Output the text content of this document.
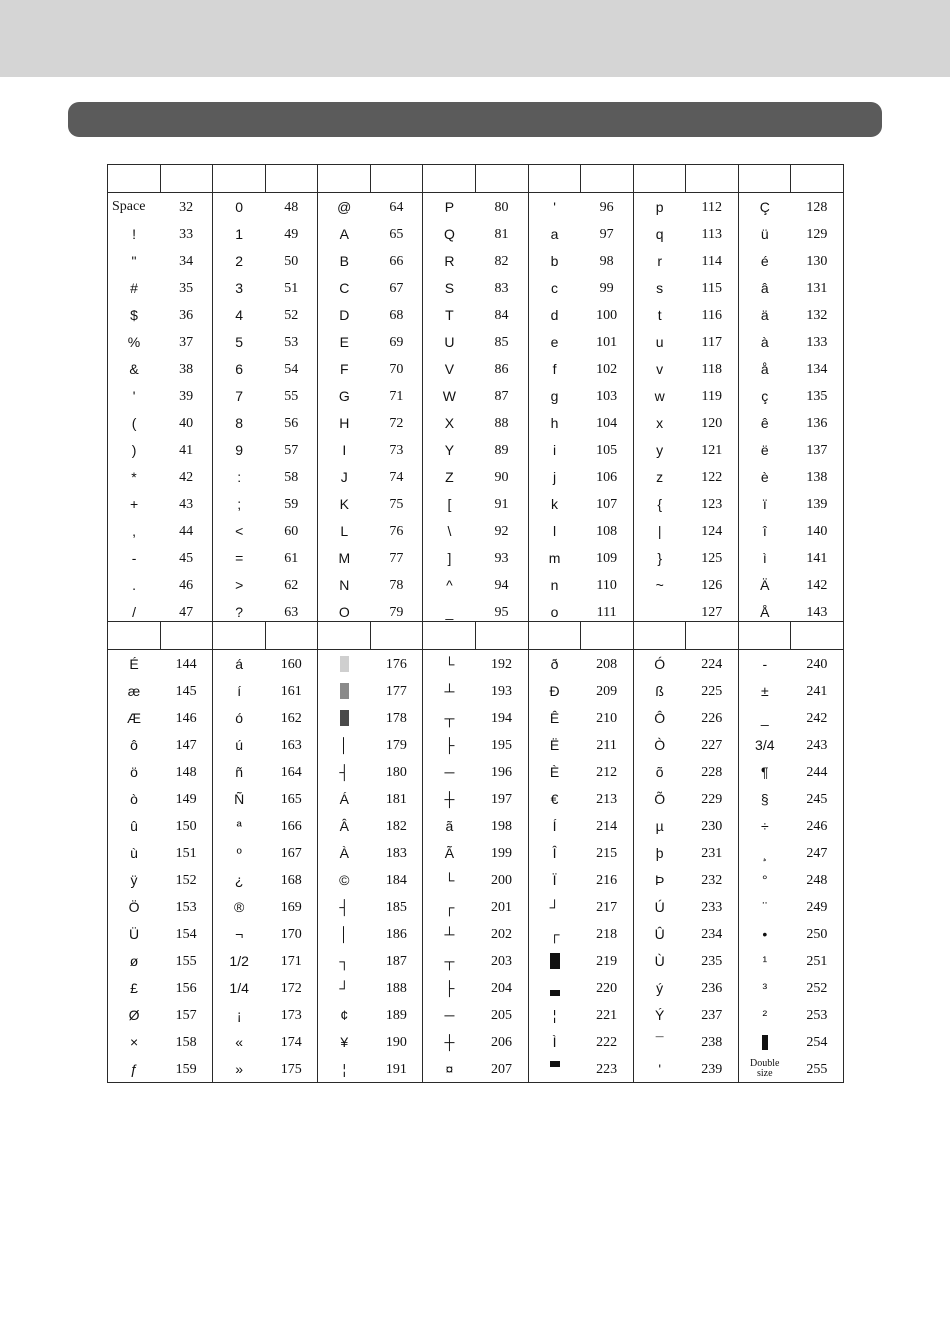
Space	32	0	48	@	64	P	80	'	96	p	112	Ç	128
!	33	1	49	A	65	Q	81	a	97	q	113	ü	129
"	34	2	50	B	66	R	82	b	98	r	114	é	130
#	35	3	51	C	67	S	83	c	99	s	115	â	131
$	36	4	52	D	68	T	84	d	100	t	116	ä	132
%	37	5	53	E	69	U	85	e	101	u	117	à	133
&	38	6	54	F	70	V	86	f	102	v	118	å	134
'	39	7	55	G	71	W	87	g	103	w	119	ç	135
(	40	8	56	H	72	X	88	h	104	x	120	ê	136
)	41	9	57	I	73	Y	89	i	105	y	121	ë	137
*	42	:	58	J	74	Z	90	j	106	z	122	è	138
+	43	;	59	K	75	[	91	k	107	{	123	ï	139
,	44	<	60	L	76	\	92	l	108	|	124	î	140
-	45	=	61	M	77	]	93	m	109	}	125	ì	141
.	46	>	62	N	78	^	94	n	110	~	126	Ä	142
/	47	?	63	O	79	_	95	o	111		127	Å	143

É	144	á	160		176	└	192	ð	208	Ó	224	-	240
æ	145	í	161		177	┴	193	Đ	209	ß	225	±	241
Æ	146	ó	162		178	┬	194	Ê	210	Ô	226	_	242
ô	147	ú	163	│	179	├	195	Ë	211	Ò	227	3/4	243
ö	148	ñ	164	┤	180	─	196	È	212	õ	228	¶	244
ò	149	Ñ	165	Á	181	┼	197	€	213	Õ	229	§	245
û	150	ª	166	Â	182	ã	198	Í	214	µ	230	÷	246
ù	151	º	167	À	183	Ã	199	Î	215	þ	231	¸	247
ÿ	152	¿	168	©	184	└	200	Ï	216	Þ	232	°	248
Ö	153	®	169	┤	185	┌	201	┘	217	Ú	233	¨	249
Ü	154	¬	170	│	186	┴	202	┌	218	Û	234	•	250
ø	155	1/2	171	┐	187	┬	203		219	Ù	235	¹	251
£	156	1/4	172	┘	188	├	204		220	ý	236	³	252
Ø	157	¡	173	¢	189	─	205	¦	221	Ý	237	²	253
×	158	«	174	¥	190	┼	206	Ì	222	¯	238		254
ƒ	159	»	175	¦	191	¤	207		223	'	239	Double size	255
